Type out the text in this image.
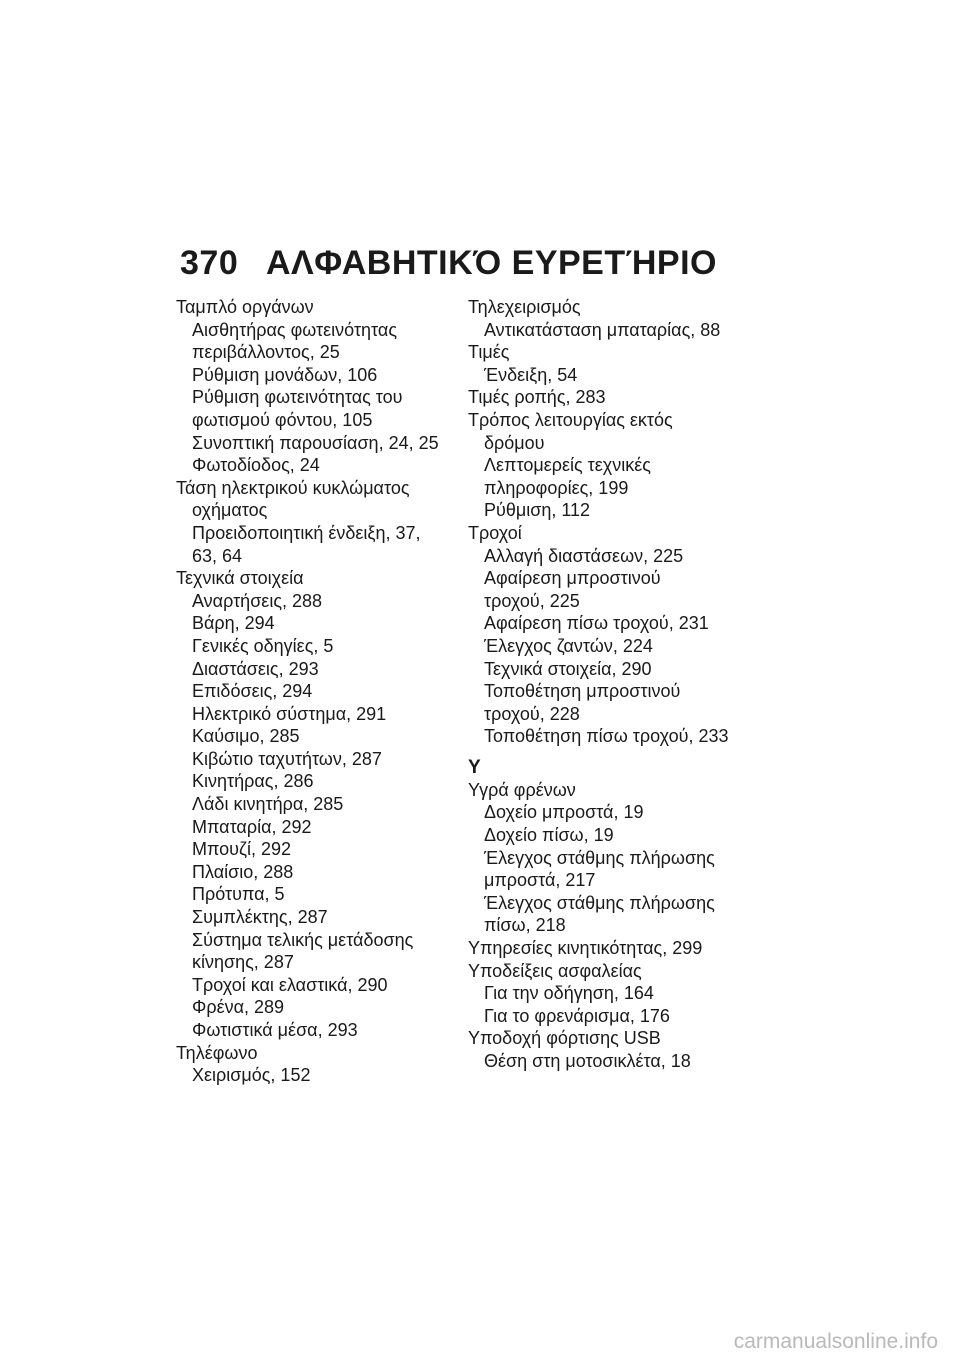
370 ΑΛΦΑΒΗΤΙΚΌ ΕΥΡΕΤΉΡΙΟ
Ταμπλό οργάνων
Αισθητήρας φωτεινότητας
περιβάλλοντος, 25
Ρύθμιση μονάδων, 106
Ρύθμιση φωτεινότητας του
φωτισμού φόντου, 105
Συνοπτική παρουσίαση, 24, 25
Φωτοδίοδος, 24
Τάση ηλεκτρικού κυκλώματος
οχήματος
Προειδοποιητική ένδειξη, 37,
63, 64
Τεχνικά στοιχεία
Αναρτήσεις, 288
Βάρη, 294
Γενικές οδηγίες, 5
Διαστάσεις, 293
Επιδόσεις, 294
Ηλεκτρικό σύστημα, 291
Καύσιμο, 285
Κιβώτιο ταχυτήτων, 287
Κινητήρας, 286
Λάδι κινητήρα, 285
Μπαταρία, 292
Μπουζί, 292
Πλαίσιο, 288
Πρότυπα, 5
Συμπλέκτης, 287
Σύστημα τελικής μετάδοσης
κίνησης, 287
Τροχοί και ελαστικά, 290
Φρένα, 289
Φωτιστικά μέσα, 293
Τηλέφωνο
Χειρισμός, 152
Τηλεχειρισμός
Αντικατάσταση μπαταρίας, 88
Τιμές
Ένδειξη, 54
Τιμές ροπής, 283
Τρόπος λειτουργίας εκτός
δρόμου
Λεπτομερείς τεχνικές
πληροφορίες, 199
Ρύθμιση, 112
Τροχοί
Αλλαγή διαστάσεων, 225
Αφαίρεση μπροστινού
τροχού, 225
Αφαίρεση πίσω τροχού, 231
Έλεγχος ζαντών, 224
Τεχνικά στοιχεία, 290
Τοποθέτηση μπροστινού
τροχού, 228
Τοποθέτηση πίσω τροχού, 233
Υ
Υγρά φρένων
Δοχείο μπροστά, 19
Δοχείο πίσω, 19
Έλεγχος στάθμης πλήρωσης
μπροστά, 217
Έλεγχος στάθμης πλήρωσης
πίσω, 218
Υπηρεσίες κινητικότητας, 299
Υποδείξεις ασφαλείας
Για την οδήγηση, 164
Για το φρενάρισμα, 176
Υποδοχή φόρτισης USB
Θέση στη μοτοσικλέτα, 18
carmanualsonline.info
